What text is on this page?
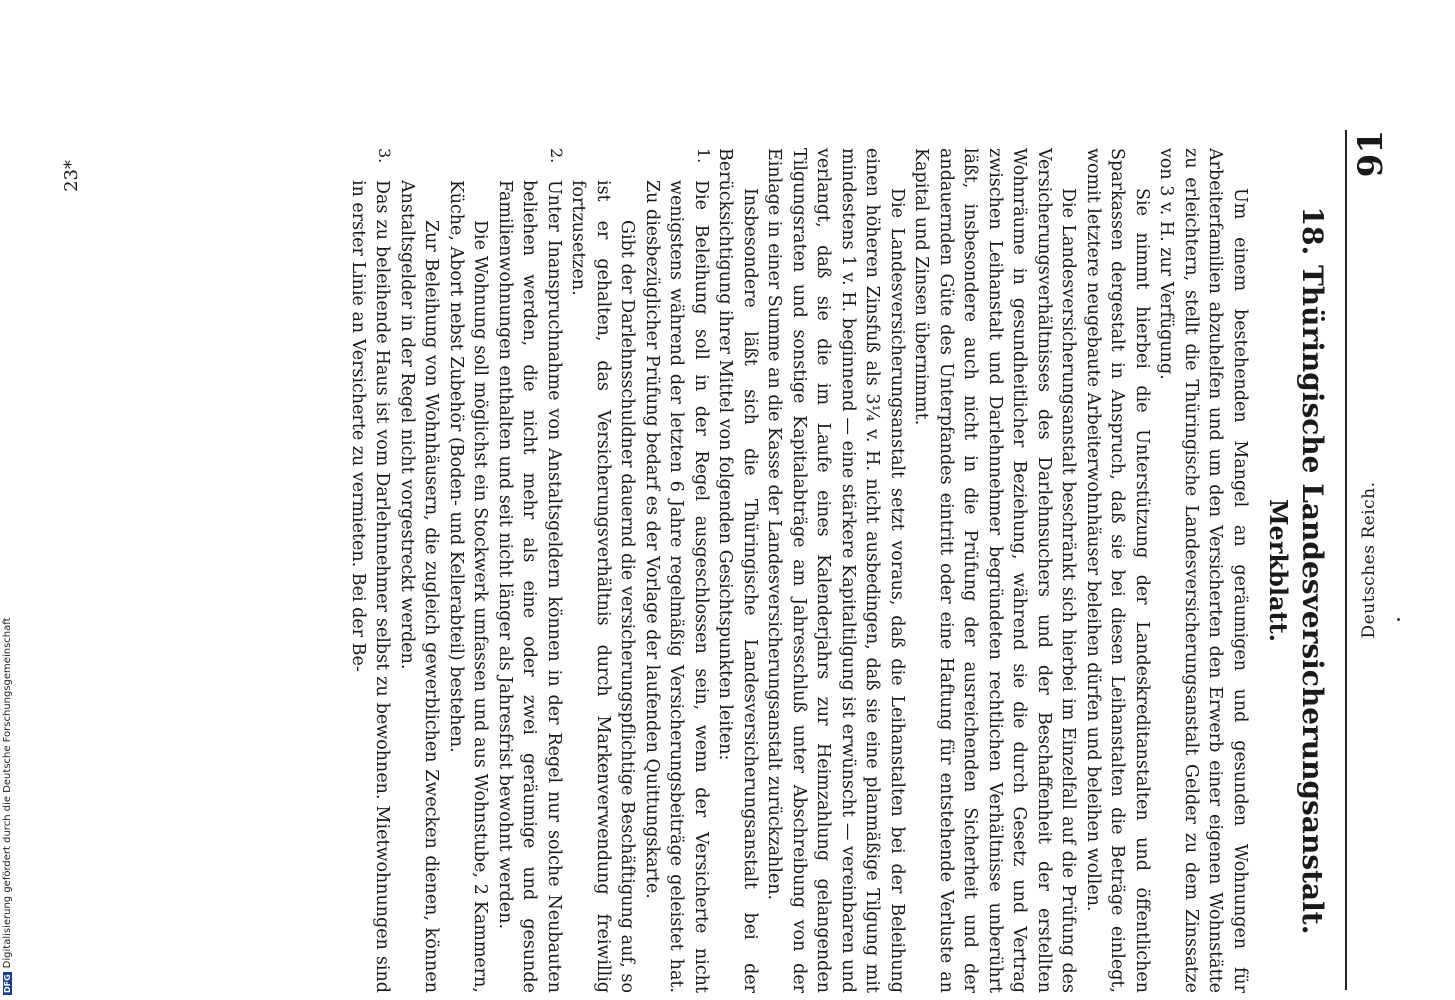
Deutsches Reich.
91
23*
18. Thüringische Landesversicherungsanstalt.
Merkblatt.

Um einem bestehenden Mangel an geräumigen und gesunden Wohnungen für Arbeiterfamilien abzuhelfen und um den Versicherten den Erwerb einer eigenen Wohnstätte zu erleichtern, stellt die Thüringische Landesversicherungsanstalt Gelder zu dem Zinssatze von 3 v. H. zur Verfügung.

Sie nimmt hierbei die Unterstützung der Landeskreditanstalten und öffentlichen Sparkassen dergestalt in Anspruch, daß sie bei diesen Leihanstalten die Beträge einlegt, womit letztere neugebaute Arbeiterwohnhäuser beleihen dürfen und beleihen wollen.

Die Landesversicherungsanstalt beschränkt sich hierbei im Einzelfall auf die Prüfung des Versicherungsverhältnisses des Darlehnsuchers und der Beschaffenheit der erstellten Wohnräume in gesundheitlicher Beziehung, während sie die durch Gesetz und Vertrag zwischen Leihanstalt und Darlehnnehmer begründeten rechtlichen Verhältnisse unberührt läßt, insbesondere auch nicht in die Prüfung der ausreichenden Sicherheit und der andauernden Güte des Unterpfandes eintritt oder eine Haftung für entstehende Verluste an Kapital und Zinsen übernimmt.

Die Landesversicherungsanstalt setzt voraus, daß die Leihanstalten bei der Beleihung einen höheren Zinsfuß als 3¼ v. H. nicht ausbedingen, daß sie eine planmäßige Tilgung mit mindestens 1 v. H. beginnend — eine stärkere Kapitaltilgung ist erwünscht — vereinbaren und verlangt, daß sie die im Laufe eines Kalenderjahrs zur Heimzahlung gelangenden Tilgungsraten und sonstige Kapitalabträge am Jahresschluß unter Abschreibung von der Einlage in einer Summe an die Kasse der Landesversicherungsanstalt zurückzahlen.

Insbesondere läßt sich die Thüringische Landesversicherungsanstalt bei der Berücksichtigung ihrer Mittel von folgenden Gesichtspunkten leiten:

1.

Die Beleihung soll in der Regel ausgeschlossen sein, wenn der Versicherte nicht wenigstens während der letzten 6 Jahre regelmäßig Versicherungsbeiträge geleistet hat. Zu diesbezüglicher Prüfung bedarf es der Vorlage der laufenden Quittungskarte.

Gibt der Darlehnsschuldner dauernd die versicherungspflichtige Beschäftigung auf, so ist er gehalten, das Versicherungsverhältnis durch Markenverwendung freiwillig fortzusetzen.

2.

Unter Inanspruchnahme von Anstaltsgeldern können in der Regel nur solche Neubauten beliehen werden, die nicht mehr als eine oder zwei geräumige und gesunde Familienwohnungen enthalten und seit nicht länger als Jahresfrist bewohnt werden.

Die Wohnung soll möglichst ein Stockwerk umfassen und aus Wohnstube, 2 Kammern, Küche, Abort nebst Zubehör (Boden- und Kellerabteil) bestehen.

Zur Beleihung von Wohnhäusern, die zugleich gewerblichen Zwecken dienen, können Anstaltsgelder in der Regel nicht vorgestreckt werden.

3.

Das zu beleihende Haus ist vom Darlehnnehmer selbst zu bewohnen. Mietwohnungen sind in erster Linie an Versicherte zu vermieten. Bei der Be-

DFGDigitalisierung gefördert durch die Deutsche Forschungsgemeinschaft
